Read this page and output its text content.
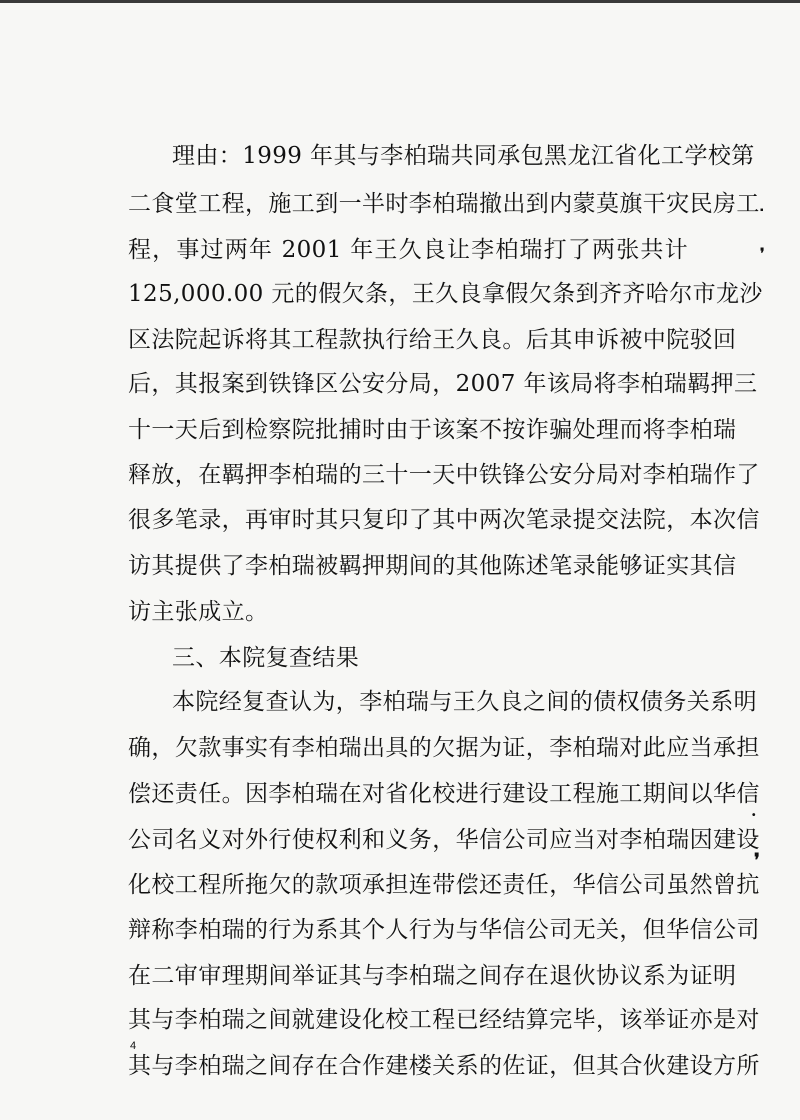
理由：1999 年其与李柏瑞共同承包黑龙江省化工学校第
二食堂工程，施工到一半时李柏瑞撤出到内蒙莫旗干灾民房工
程，事过两年 2001 年王久良让李柏瑞打了两张共计
125,000.00 元的假欠条，王久良拿假欠条到齐齐哈尔市龙沙
区法院起诉将其工程款执行给王久良。后其申诉被中院驳回
后，其报案到铁锋区公安分局，2007 年该局将李柏瑞羁押三
十一天后到检察院批捕时由于该案不按诈骗处理而将李柏瑞
释放，在羁押李柏瑞的三十一天中铁锋公安分局对李柏瑞作了
很多笔录，再审时其只复印了其中两次笔录提交法院，本次信
访其提供了李柏瑞被羁押期间的其他陈述笔录能够证实其信
访主张成立。
三、本院复查结果
本院经复查认为，李柏瑞与王久良之间的债权债务关系明
确，欠款事实有李柏瑞出具的欠据为证，李柏瑞对此应当承担
偿还责任。因李柏瑞在对省化校进行建设工程施工期间以华信
公司名义对外行使权利和义务，华信公司应当对李柏瑞因建设
化校工程所拖欠的款项承担连带偿还责任，华信公司虽然曾抗
辩称李柏瑞的行为系其个人行为与华信公司无关，但华信公司
在二审审理期间举证其与李柏瑞之间存在退伙协议系为证明
其与李柏瑞之间就建设化校工程已经结算完毕，该举证亦是对
其与李柏瑞之间存在合作建楼关系的佐证，但其合伙建设方所
4
▪
❜
•
❜
